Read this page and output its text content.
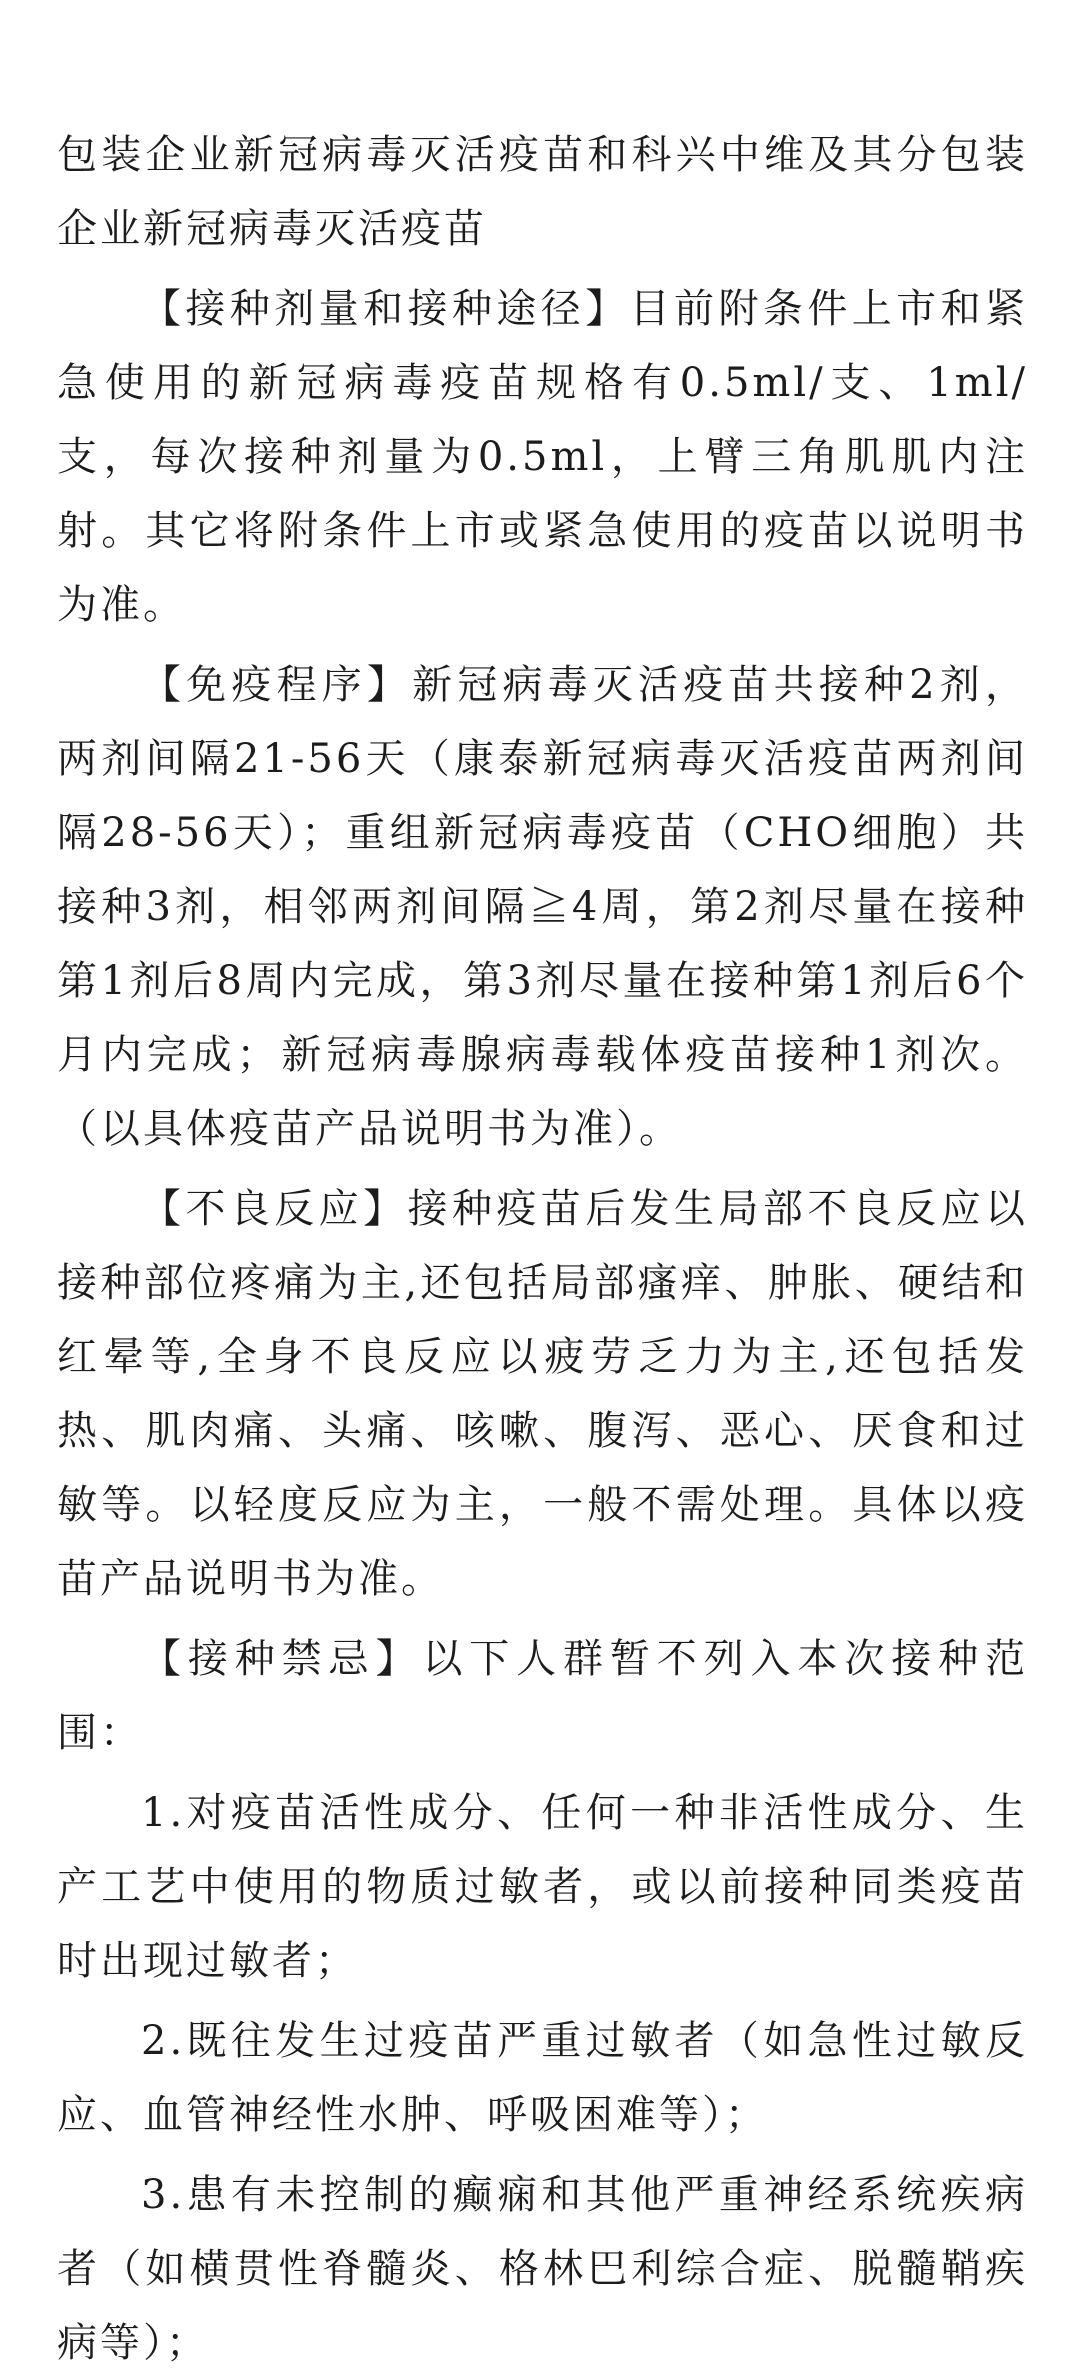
包装企业新冠病毒灭活疫苗和科兴中维及其分包装企业新冠病毒灭活疫苗

【接种剂量和接种途径】目前附条件上市和紧急使用的新冠病毒疫苗规格有0.5ml/支、1ml/支，每次接种剂量为0.5ml，上臂三角肌肌内注射。其它将附条件上市或紧急使用的疫苗以说明书为准。

【免疫程序】新冠病毒灭活疫苗共接种2剂，两剂间隔21-56天（康泰新冠病毒灭活疫苗两剂间隔28-56天）；重组新冠病毒疫苗（CHO细胞）共接种3剂，相邻两剂间隔≧4周，第2剂尽量在接种第1剂后8周内完成，第3剂尽量在接种第1剂后6个月内完成；新冠病毒腺病毒载体疫苗接种1剂次。（以具体疫苗产品说明书为准）。

【不良反应】接种疫苗后发生局部不良反应以接种部位疼痛为主,还包括局部瘙痒、肿胀、硬结和红晕等,全身不良反应以疲劳乏力为主,还包括发热、肌肉痛、头痛、咳嗽、腹泻、恶心、厌食和过敏等。以轻度反应为主，一般不需处理。具体以疫苗产品说明书为准。

【接种禁忌】以下人群暂不列入本次接种范围：

1.对疫苗活性成分、任何一种非活性成分、生产工艺中使用的物质过敏者，或以前接种同类疫苗时出现过敏者；

2.既往发生过疫苗严重过敏者（如急性过敏反应、血管神经性水肿、呼吸困难等）；

3.患有未控制的癫痫和其他严重神经系统疾病者（如横贯性脊髓炎、格林巴利综合症、脱髓鞘疾病等）；
